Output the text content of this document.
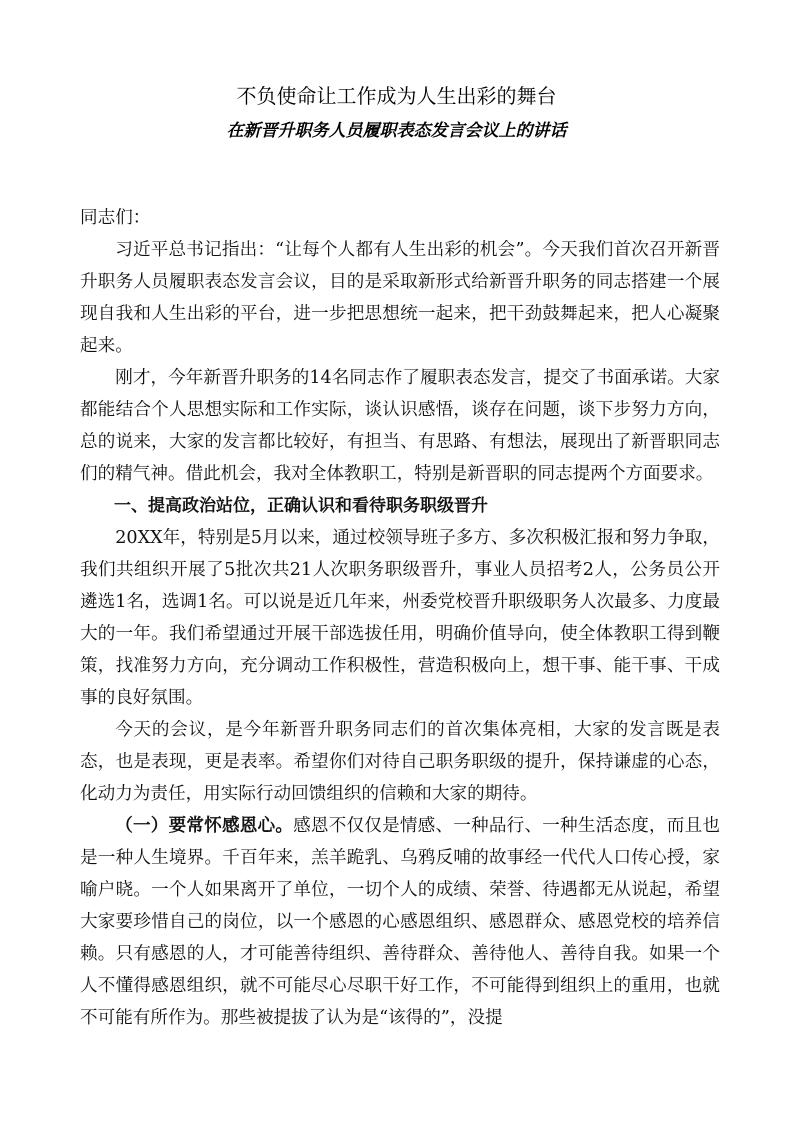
不负使命让工作成为人生出彩的舞台
在新晋升职务人员履职表态发言会议上的讲话

同志们：

习近平总书记指出：“让每个人都有人生出彩的机会”。今天我们首次召开新晋升职务人员履职表态发言会议，目的是采取新形式给新晋升职务的同志搭建一个展现自我和人生出彩的平台，进一步把思想统一起来，把干劲鼓舞起来，把人心凝聚起来。

刚才，今年新晋升职务的14名同志作了履职表态发言，提交了书面承诺。大家都能结合个人思想实际和工作实际，谈认识感悟，谈存在问题，谈下步努力方向，总的说来，大家的发言都比较好，有担当、有思路、有想法，展现出了新晋职同志们的精气神。借此机会，我对全体教职工，特别是新晋职的同志提两个方面要求。

一、提高政治站位，正确认识和看待职务职级晋升

20XX年，特别是5月以来，通过校领导班子多方、多次积极汇报和努力争取，我们共组织开展了5批次共21人次职务职级晋升，事业人员招考2人，公务员公开遴选1名，选调1名。可以说是近几年来，州委党校晋升职级职务人次最多、力度最大的一年。我们希望通过开展干部选拔任用，明确价值导向，使全体教职工得到鞭策，找准努力方向，充分调动工作积极性，营造积极向上，想干事、能干事、干成事的良好氛围。

今天的会议，是今年新晋升职务同志们的首次集体亮相，大家的发言既是表态，也是表现，更是表率。希望你们对待自己职务职级的提升，保持谦虚的心态，化动力为责任，用实际行动回馈组织的信赖和大家的期待。

（一）要常怀感恩心。感恩不仅仅是情感、一种品行、一种生活态度，而且也是一种人生境界。千百年来，羔羊跪乳、乌鸦反哺的故事经一代代人口传心授，家喻户晓。一个人如果离开了单位，一切个人的成绩、荣誉、待遇都无从说起，希望大家要珍惜自己的岗位，以一个感恩的心感恩组织、感恩群众、感恩党校的培养信赖。只有感恩的人，才可能善待组织、善待群众、善待他人、善待自我。如果一个人不懂得感恩组织，就不可能尽心尽职干好工作，不可能得到组织上的重用，也就不可能有所作为。那些被提拔了认为是“该得的”，没提
